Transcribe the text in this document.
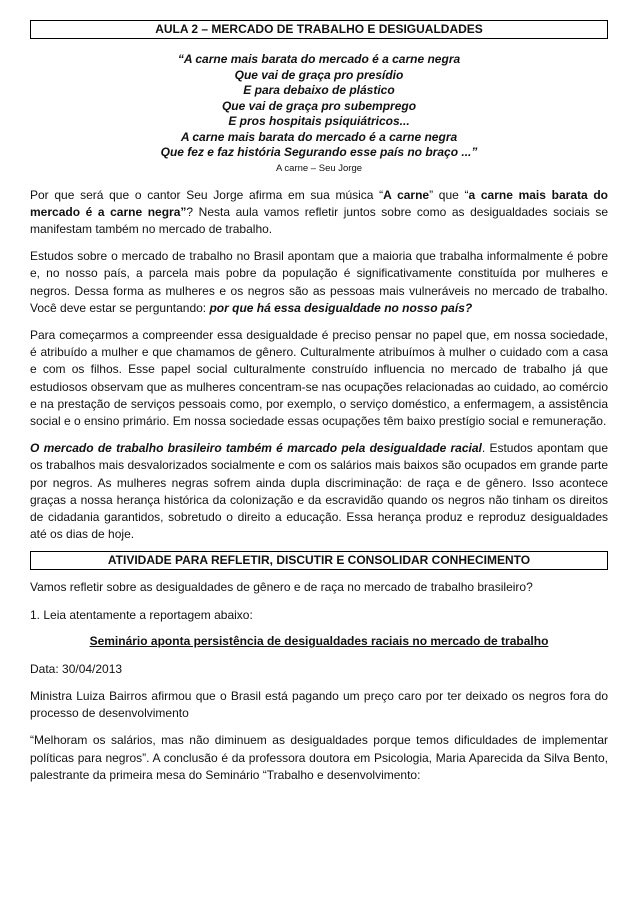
AULA 2 – MERCADO DE TRABALHO E DESIGUALDADES
“A carne mais barata do mercado é a carne negra
Que vai de graça pro presídio
E para debaixo de plástico
Que vai de graça pro subemprego
E pros hospitais psiquiátricos...
A carne mais barata do mercado é a carne negra
Que fez e faz história Segurando esse país no braço ...”
A carne – Seu Jorge

Por que será que o cantor Seu Jorge afirma em sua música “A carne” que “a carne mais barata do mercado é a carne negra”? Nesta aula vamos refletir juntos sobre como as desigualdades sociais se manifestam também no mercado de trabalho.

Estudos sobre o mercado de trabalho no Brasil apontam que a maioria que trabalha informalmente é pobre e, no nosso país, a parcela mais pobre da população é significativamente constituída por mulheres e negros. Dessa forma as mulheres e os negros são as pessoas mais vulneráveis no mercado de trabalho. Você deve estar se perguntando: por que há essa desigualdade no nosso país?

Para começarmos a compreender essa desigualdade é preciso pensar no papel que, em nossa sociedade, é atribuído a mulher e que chamamos de gênero. Culturalmente atribuímos à mulher o cuidado com a casa e com os filhos. Esse papel social culturalmente construído influencia no mercado de trabalho já que estudiosos observam que as mulheres concentram-se nas ocupações relacionadas ao cuidado, ao comércio e na prestação de serviços pessoais como, por exemplo, o serviço doméstico, a enfermagem, a assistência social e o ensino primário. Em nossa sociedade essas ocupações têm baixo prestígio social e remuneração.

O mercado de trabalho brasileiro também é marcado pela desigualdade racial. Estudos apontam que os trabalhos mais desvalorizados socialmente e com os salários mais baixos são ocupados em grande parte por negros. As mulheres negras sofrem ainda dupla discriminação: de raça e de gênero. Isso acontece graças a nossa herança histórica da colonização e da escravidão quando os negros não tinham os direitos de cidadania garantidos, sobretudo o direito a educação. Essa herança produz e reproduz desigualdades até os dias de hoje.

ATIVIDADE PARA REFLETIR, DISCUTIR E CONSOLIDAR CONHECIMENTO

Vamos refletir sobre as desigualdades de gênero e de raça no mercado de trabalho brasileiro?

1. Leia atentamente a reportagem abaixo:

Seminário aponta persistência de desigualdades raciais no mercado de trabalho

Data: 30/04/2013

Ministra Luiza Bairros afirmou que o Brasil está pagando um preço caro por ter deixado os negros fora do processo de desenvolvimento

“Melhoram os salários, mas não diminuem as desigualdades porque temos dificuldades de implementar políticas para negros”. A conclusão é da professora doutora em Psicologia, Maria Aparecida da Silva Bento, palestrante da primeira mesa do Seminário “Trabalho e desenvolvimento:
